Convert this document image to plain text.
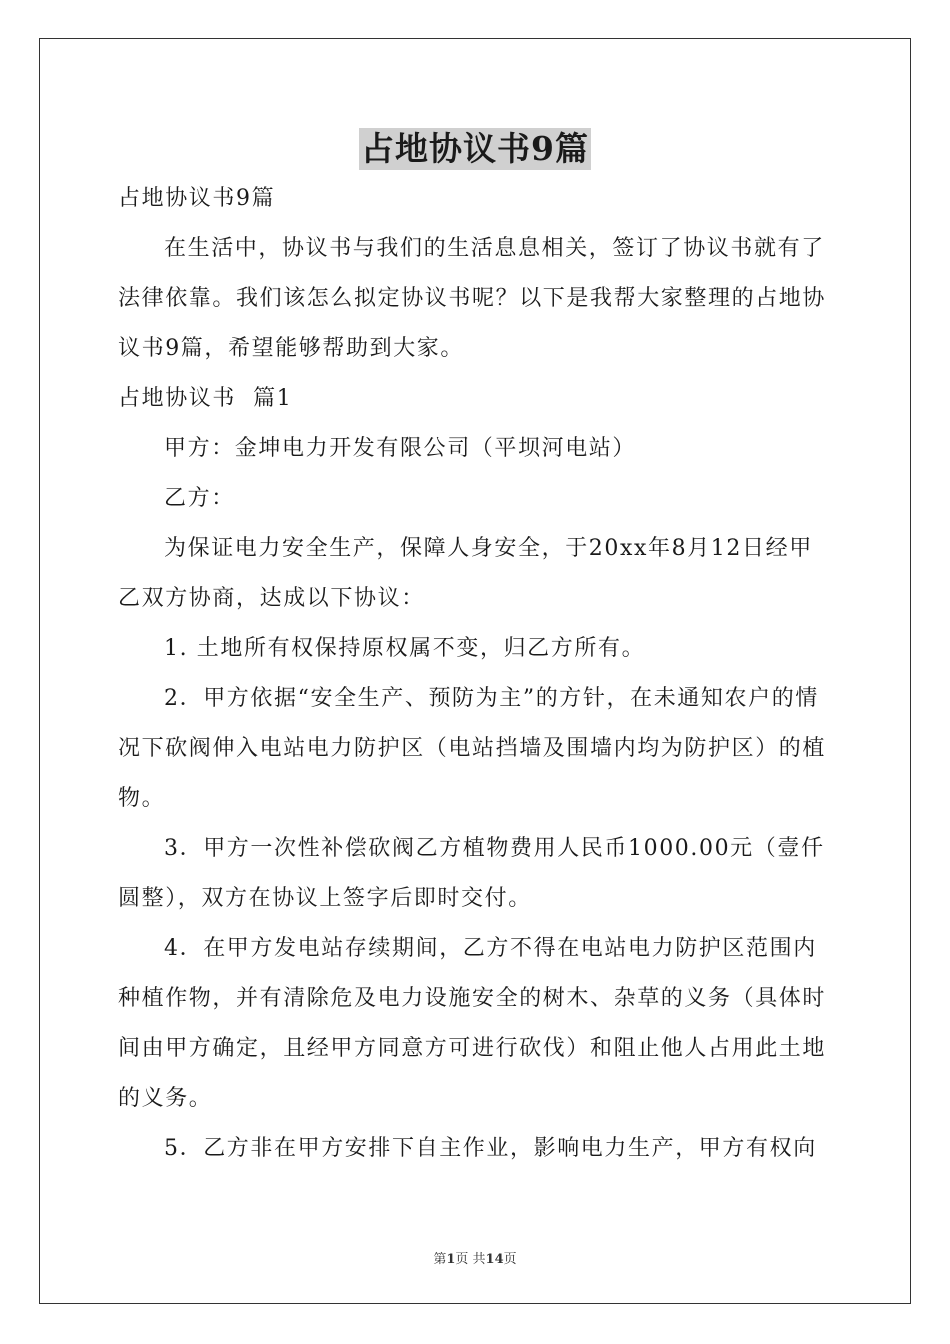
占地协议书9篇

占地协议书9篇

在生活中，协议书与我们的生活息息相关，签订了协议书就有了法律依靠。我们该怎么拟定协议书呢？以下是我帮大家整理的占地协议书9篇，希望能够帮助到大家。

占地协议书  篇1

甲方：金坤电力开发有限公司（平坝河电站）

乙方：

为保证电力安全生产，保障人身安全，于20xx年8月12日经甲乙双方协商，达成以下协议：

1. 土地所有权保持原权属不变，归乙方所有。

2．甲方依据“安全生产、预防为主”的方针，在未通知农户的情况下砍阀伸入电站电力防护区（电站挡墙及围墙内均为防护区）的植物。

3．甲方一次性补偿砍阀乙方植物费用人民币1000.00元（壹仟圆整），双方在协议上签字后即时交付。

4．在甲方发电站存续期间，乙方不得在电站电力防护区范围内种植作物，并有清除危及电力设施安全的树木、杂草的义务（具体时间由甲方确定，且经甲方同意方可进行砍伐）和阻止他人占用此土地的义务。

5．乙方非在甲方安排下自主作业，影响电力生产，甲方有权向

第1页 共14页
